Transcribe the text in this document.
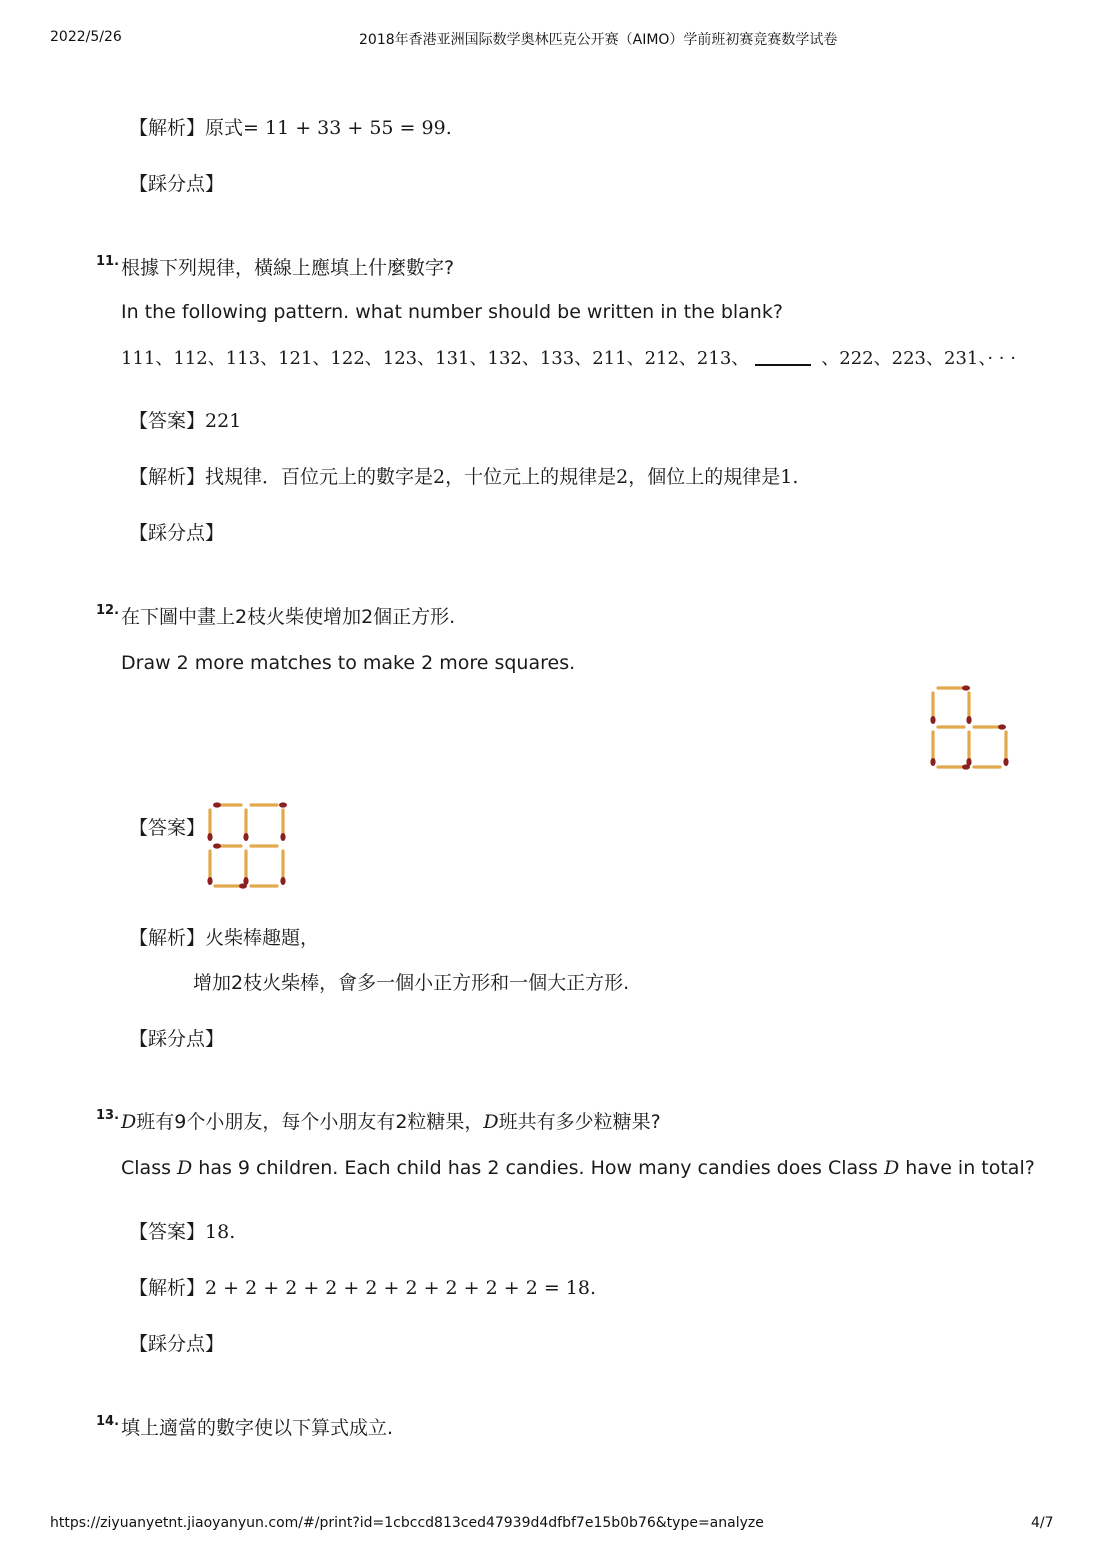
2022/5/26	2018年香港亚洲国际数学奥林匹克公开赛（AIMO）学前班初赛竞赛数学试卷
【解析】原式= 11 + 33 + 55 = 99.
【踩分点】
11. 根據下列規律，橫線上應填上什麼數字?
In the following pattern. what number should be written in the blank?
111、112、113、121、122、123、131、132、133、211、212、213、	、222、223、231、· · ·
【答案】221
【解析】找規律．百位元上的數字是2，十位元上的規律是2，個位上的規律是1.
【踩分点】
12. 在下圖中畫上2枝火柴使增加2個正方形.
Draw 2 more matches to make 2 more squares.
【答案】
【解析】火柴棒趣題，
增加2枝火柴棒，會多一個小正方形和一個大正方形.
【踩分点】
13. D班有9个小朋友，每个小朋友有2粒糖果，D班共有多少粒糖果?
Class D has 9 children. Each child has 2 candies. How many candies does Class D have in total?
【答案】18.
【解析】2 + 2 + 2 + 2 + 2 + 2 + 2 + 2 + 2 = 18.
【踩分点】
14. 填上適當的數字使以下算式成立.
https://ziyuanyetnt.jiaoyanyun.com/#/print?id=1cbccd813ced47939d4dfbf7e15b0b76&type=analyze	4/7
